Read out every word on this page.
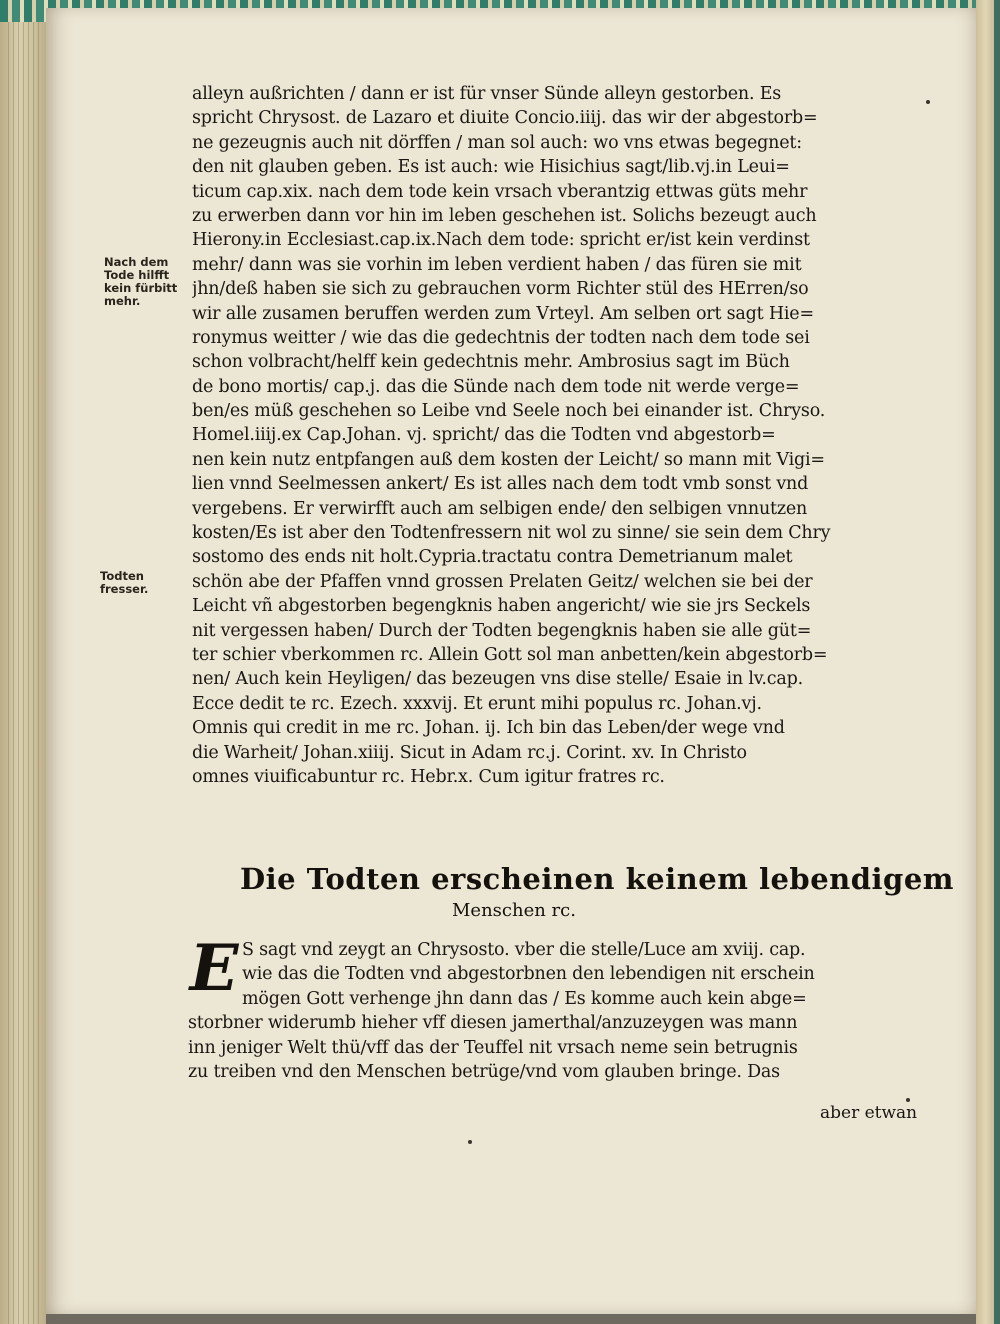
Nach dem
Tode hilfft
kein fürbitt
mehr.
Todten
fresser.
alleyn außrichten / dann er ist für vnser Sünde alleyn gestorben. Es
spricht Chrysost. de Lazaro et diuite Concio.iiij. das wir der abgestorb=
ne gezeugnis auch nit dörffen / man sol auch: wo vns etwas begegnet:
den nit glauben geben. Es ist auch: wie Hisichius sagt/lib.vj.in Leui=
ticum cap.xix. nach dem tode kein vrsach vberantzig ettwas güts mehr
zu erwerben dann vor hin im leben geschehen ist. Solichs bezeugt auch
Hierony.in Ecclesiast.cap.ix.Nach dem tode: spricht er/ist kein verdinst
mehr/ dann was sie vorhin im leben verdient haben / das füren sie mit
jhn/deß haben sie sich zu gebrauchen vorm Richter stül des HErren/so
wir alle zusamen beruffen werden zum Vrteyl. Am selben ort sagt Hie=
ronymus weitter / wie das die gedechtnis der todten nach dem tode sei
schon volbracht/helff kein gedechtnis mehr. Ambrosius sagt im Büch
de bono mortis/ cap.j. das die Sünde nach dem tode nit werde verge=
ben/es müß geschehen so Leibe vnd Seele noch bei einander ist. Chryso.
Homel.iiij.ex Cap.Johan. vj. spricht/ das die Todten vnd abgestorb=
nen kein nutz entpfangen auß dem kosten der Leicht/ so mann mit Vigi=
lien vnnd Seelmessen ankert/ Es ist alles nach dem todt vmb sonst vnd
vergebens. Er verwirfft auch am selbigen ende/ den selbigen vnnutzen
kosten/Es ist aber den Todtenfressern nit wol zu sinne/ sie sein dem Chry
sostomo des ends nit holt.Cypria.tractatu contra Demetrianum malet
schön abe der Pfaffen vnnd grossen Prelaten Geitz/ welchen sie bei der
Leicht vñ abgestorben begengknis haben angericht/ wie sie jrs Seckels
nit vergessen haben/ Durch der Todten begengknis haben sie alle güt=
ter schier vberkommen rc. Allein Gott sol man anbetten/kein abgestorb=
nen/ Auch kein Heyligen/ das bezeugen vns dise stelle/ Esaie in lv.cap.
Ecce dedit te rc. Ezech. xxxvij. Et erunt mihi populus rc. Johan.vj.
Omnis qui credit in me rc. Johan. ij. Ich bin das Leben/der wege vnd
die Warheit/ Johan.xiiij. Sicut in Adam rc.j. Corint. xv. In Christo
omnes viuificabuntur rc. Hebr.x. Cum igitur fratres rc.
Die Todten erscheinen keinem lebendigem
Menschen rc.
E S sagt vnd zeygt an Chrysosto. vber die stelle/Luce am xviij. cap.
wie das die Todten vnd abgestorbnen den lebendigen nit erschein
mögen Gott verhenge jhn dann das / Es komme auch kein abge=
storbner widerumb hieher vff diesen jamerthal/anzuzeygen was mann
inn jeniger Welt thü/vff das der Teuffel nit vrsach neme sein betrugnis
zu treiben vnd den Menschen betrüge/vnd vom glauben bringe. Das
aber etwan
